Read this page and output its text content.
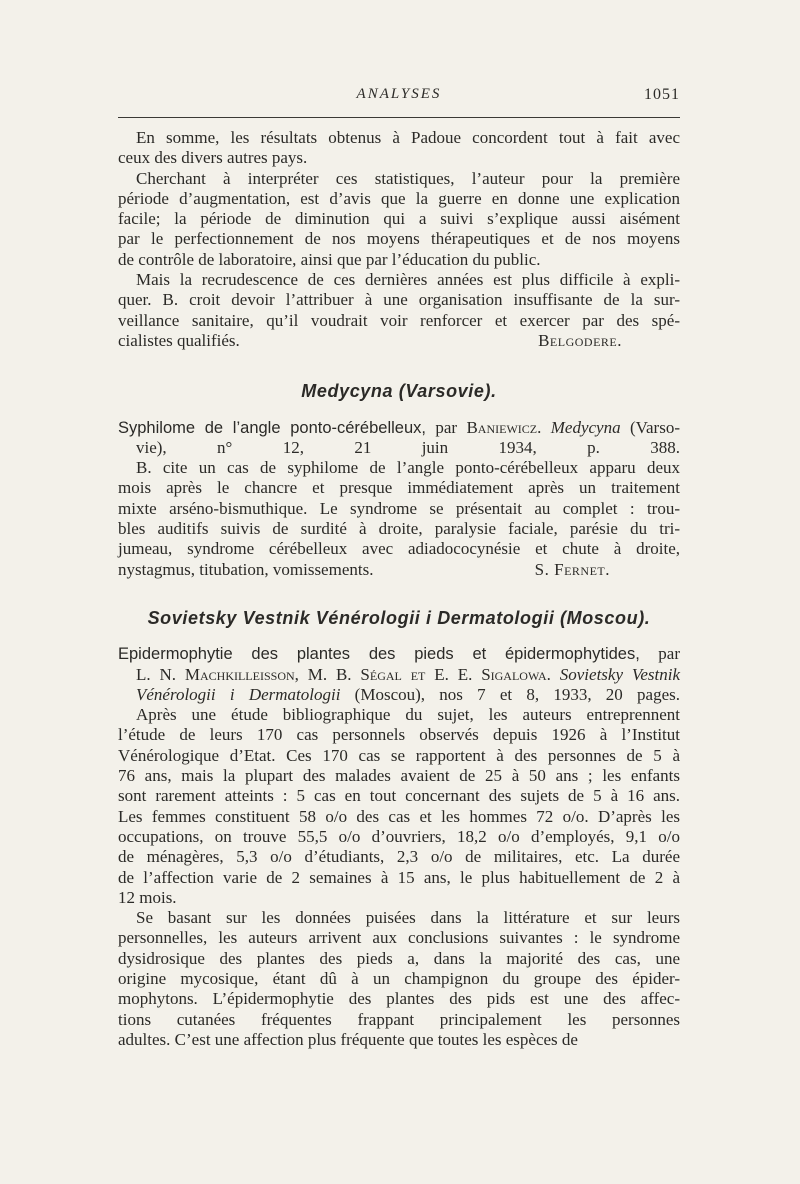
ANALYSES	1051

En somme, les résultats obtenus à Padoue concordent tout à fait avec

ceux des divers autres pays.

Cherchant à interpréter ces statistiques, l’auteur pour la première

période d’augmentation, est d’avis que la guerre en donne une explication

facile; la période de diminution qui a suivi s’explique aussi aisément

par le perfectionnement de nos moyens thérapeutiques et de nos moyens

de contrôle de laboratoire, ainsi que par l’éducation du public.

Mais la recrudescence de ces dernières années est plus difficile à expli-

quer. B. croit devoir l’attribuer à une organisation insuffisante de la sur-

veillance sanitaire, qu’il voudrait voir renforcer et exercer par des spé-

cialistes qualifiés.	Belgodere.
Medycyna (Varsovie).

Syphilome de l’angle ponto-cérébelleux, par Baniewicz. Medycyna (Varso-

vie), n° 12, 21 juin 1934, p. 388.

B. cite un cas de syphilome de l’angle ponto-cérébelleux apparu deux

mois après le chancre et presque immédiatement après un traitement

mixte arséno-bismuthique. Le syndrome se présentait au complet : trou-

bles auditifs suivis de surdité à droite, paralysie faciale, parésie du tri-

jumeau, syndrome cérébelleux avec adiadococynésie et chute à droite,

nystagmus, titubation, vomissements.	S. Fernet.
Sovietsky Vestnik Vénérologii i Dermatologii (Moscou).

Epidermophytie des plantes des pieds et épidermophytides, par

L. N. Machkilleisson, M. B. Ségal et E. E. Sigalowa. Sovietsky Vestnik

Vénérologii i Dermatologii (Moscou), nos 7 et 8, 1933, 20 pages.

Après une étude bibliographique du sujet, les auteurs entreprennent

l’étude de leurs 170 cas personnels observés depuis 1926 à l’Institut

Vénérologique d’Etat. Ces 170 cas se rapportent à des personnes de 5 à

76 ans, mais la plupart des malades avaient de 25 à 50 ans ; les enfants

sont rarement atteints : 5 cas en tout concernant des sujets de 5 à 16 ans.

Les femmes constituent 58 o/o des cas et les hommes 72 o/o. D’après les

occupations, on trouve 55,5 o/o d’ouvriers, 18,2 o/o d’employés, 9,1 o/o

de ménagères, 5,3 o/o d’étudiants, 2,3 o/o de militaires, etc. La durée

de l’affection varie de 2 semaines à 15 ans, le plus habituellement de 2 à

12 mois.

Se basant sur les données puisées dans la littérature et sur leurs

personnelles, les auteurs arrivent aux conclusions suivantes : le syndrome

dysidrosique des plantes des pieds a, dans la majorité des cas, une

origine mycosique, étant dû à un champignon du groupe des épider-

mophytons. L’épidermophytie des plantes des pids est une des affec-

tions cutanées fréquentes frappant principalement les personnes

adultes. C’est une affection plus fréquente que toutes les espèces de
